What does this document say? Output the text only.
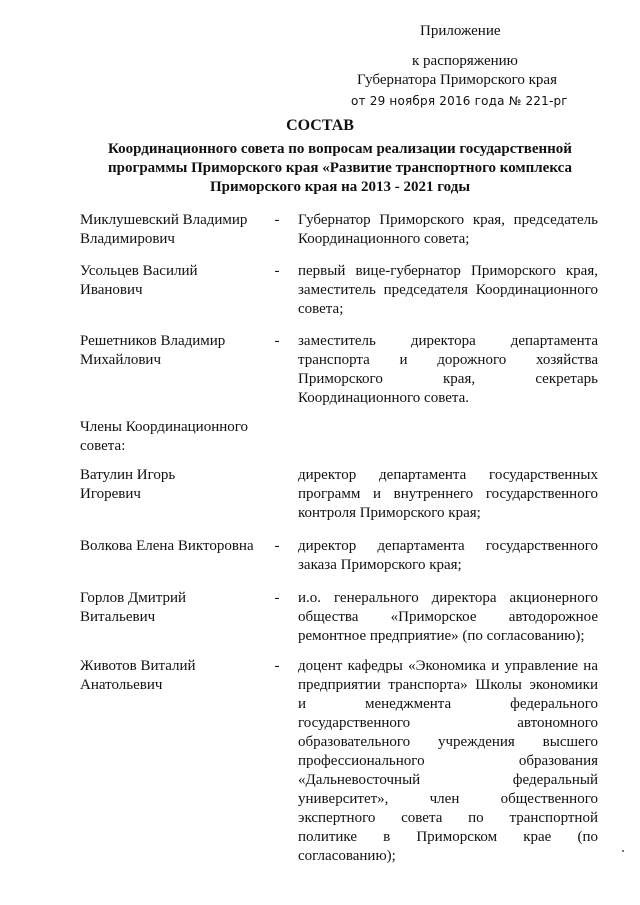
Приложение
к распоряжению
Губернатора Приморского края
от 29 ноября 2016 года № 221-рг
СОСТАВ
Координационного совета по вопросам реализации государственной программы Приморского края «Развитие транспортного комплекса Приморского края на 2013 - 2021 годы
Миклушевский Владимир
Владимирович
- Губернатор Приморского края, председатель
Координационного совета;
Усольцев Василий
Иванович
- первый вице-губернатор Приморского края,
заместитель председателя Координационного
совета;
Решетников Владимир
Михайлович
- заместитель директора департамента
транспорта и дорожного хозяйства
Приморского края, секретарь
Координационного совета.
Члены Координационного
совета:
Ватулин Игорь
Игоревич
директор департамента государственных
программ и внутреннего государственного
контроля Приморского края;
Волкова Елена Викторовна	- директор департамента государственного
заказа Приморского края;
Горлов Дмитрий
Витальевич
- и.о. генерального директора акционерного
общества «Приморское автодорожное
ремонтное предприятие» (по согласованию);
Животов Виталий
Анатольевич
- доцент кафедры «Экономика и управление на
предприятии транспорта» Школы экономики
и менеджмента федерального
государственного автономного
образовательного учреждения высшего
профессионального образования
«Дальневосточный федеральный
университет», член общественного
экспертного совета по транспортной
политике в Приморском крае (по
согласованию);
